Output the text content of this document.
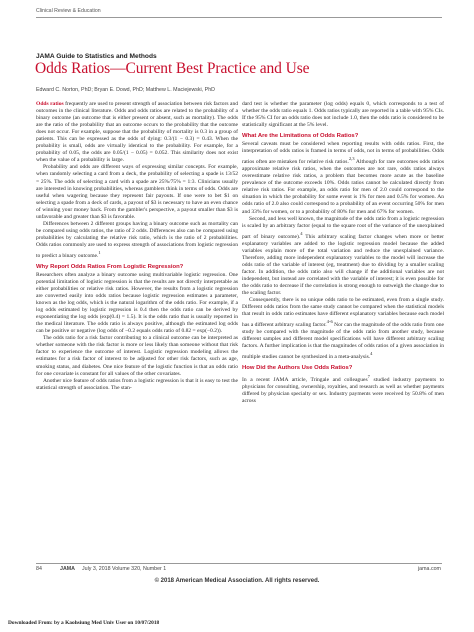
Clinical Review & Education
JAMA Guide to Statistics and Methods
Odds Ratios—Current Best Practice and Use
Edward C. Norton, PhD; Bryan E. Dowd, PhD; Matthew L. Maciejewski, PhD

Odds ratios frequently are used to present strength of association between risk factors and outcomes in the clinical literature. Odds and odds ratios are related to the probability of a binary outcome (an outcome that is either present or absent, such as mortality). The odds are the ratio of the probability that an outcome occurs to the probability that the outcome does not occur. For example, suppose that the probability of mortality is 0.3 in a group of patients. This can be expressed as the odds of dying: 0.3/(1 − 0.3) = 0.43. When the probability is small, odds are virtually identical to the probability. For example, for a probability of 0.05, the odds are 0.05/(1 − 0.05) = 0.052. This similarity does not exist when the value of a probability is large.

Probability and odds are different ways of expressing similar concepts. For example, when randomly selecting a card from a deck, the probability of selecting a spade is 13/52 = 25%. The odds of selecting a card with a spade are 25%/75% = 1:3. Clinicians usually are interested in knowing probabilities, whereas gamblers think in terms of odds. Odds are useful when wagering because they represent fair payouts. If one were to bet $1 on selecting a spade from a deck of cards, a payout of $3 is necessary to have an even chance of winning your money back. From the gambler's perspective, a payout smaller than $3 is unfavorable and greater than $3 is favorable.

Differences between 2 different groups having a binary outcome such as mortality can be compared using odds ratios, the ratio of 2 odds. Differences also can be compared using probabilities by calculating the relative risk ratio, which is the ratio of 2 probabilities. Odds ratios commonly are used to express strength of associations from logistic regression to predict a binary outcome.$^1$

Why Report Odds Ratios From Logistic Regression?

Researchers often analyze a binary outcome using multivariable logistic regression. One potential limitation of logistic regression is that the results are not directly interpretable as either probabilities or relative risk ratios. However, the results from a logistic regression are converted easily into odds ratios because logistic regression estimates a parameter, known as the log odds, which is the natural logarithm of the odds ratio. For example, if a log odds estimated by logistic regression is 0.4 then the odds ratio can be derived by exponentiating the log odds (exp(0.4) = 1.5). It is the odds ratio that is usually reported in the medical literature. The odds ratio is always positive, although the estimated log odds can be positive or negative (log odds of −0.2 equals odds ratio of 0.82 = exp(−0.2)).

The odds ratio for a risk factor contributing to a clinical outcome can be interpreted as whether someone with the risk factor is more or less likely than someone without that risk factor to experience the outcome of interest. Logistic regression modeling allows the estimates for a risk factor of interest to be adjusted for other risk factors, such as age, smoking status, and diabetes. One nice feature of the logistic function is that an odds ratio for one covariate is constant for all values of the other covariates.

Another nice feature of odds ratios from a logistic regression is that it is easy to test the statistical strength of association. The stan-

dard test is whether the parameter (log odds) equals 0, which corresponds to a test of whether the odds ratio equals 1. Odds ratios typically are reported in a table with 95% CIs. If the 95% CI for an odds ratio does not include 1.0, then the odds ratio is considered to be statistically significant at the 5% level.

What Are the Limitations of Odds Ratios?

Several caveats must be considered when reporting results with odds ratios. First, the interpretation of odds ratios is framed in terms of odds, not in terms of probabilities. Odds ratios often are mistaken for relative risk ratios.$^{2,3}$ Although for rare outcomes odds ratios approximate relative risk ratios, when the outcomes are not rare, odds ratios always overestimate relative risk ratios, a problem that becomes more acute as the baseline prevalence of the outcome exceeds 10%. Odds ratios cannot be calculated directly from relative risk ratios. For example, an odds ratio for men of 2.0 could correspond to the situation in which the probability for some event is 1% for men and 0.5% for women. An odds ratio of 2.0 also could correspond to a probability of an event occurring 50% for men and 33% for women, or to a probability of 80% for men and 67% for women.

Second, and less well known, the magnitude of the odds ratio from a logistic regression is scaled by an arbitrary factor (equal to the square root of the variance of the unexplained part of binary outcome).$^4$ This arbitrary scaling factor changes when more or better explanatory variables are added to the logistic regression model because the added variables explain more of the total variation and reduce the unexplained variance. Therefore, adding more independent explanatory variables to the model will increase the odds ratio of the variable of interest (eg, treatment) due to dividing by a smaller scaling factor. In addition, the odds ratio also will change if the additional variables are not independent, but instead are correlated with the variable of interest; it is even possible for the odds ratio to decrease if the correlation is strong enough to outweigh the change due to the scaling factor.

Consequently, there is no unique odds ratio to be estimated, even from a single study. Different odds ratios from the same study cannot be compared when the statistical models that result in odds ratio estimates have different explanatory variables because each model has a different arbitrary scaling factor.$^{4-6}$ Nor can the magnitude of the odds ratio from one study be compared with the magnitude of the odds ratio from another study, because different samples and different model specifications will have different arbitrary scaling factors. A further implication is that the magnitudes of odds ratios of a given association in multiple studies cannot be synthesized in a meta-analysis.$^4$

How Did the Authors Use Odds Ratios?

In a recent JAMA article, Tringale and colleagues$^7$ studied industry payments to physicians for consulting, ownership, royalties, and research as well as whether payments differed by physician specialty or sex. Industry payments were received by 50.8% of men across

84	JAMA July 3, 2018 Volume 320, Number 1	jama.com
© 2018 American Medical Association. All rights reserved.
Downloaded From: by a Kaohsiung Med Univ User on 10/07/2018
